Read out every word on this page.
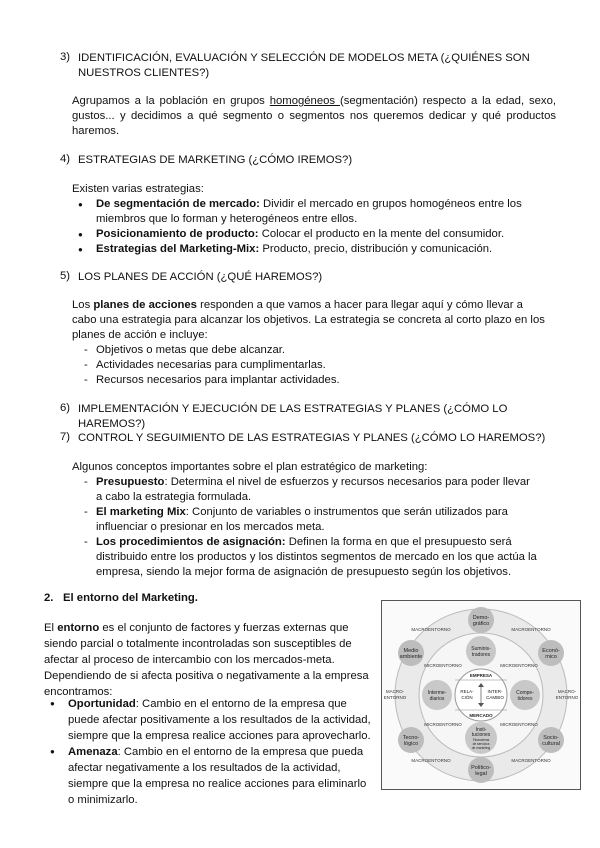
3) IDENTIFICACIÓN, EVALUACIÓN Y SELECCIÓN DE MODELOS META (¿QUIÉNES SON NUESTROS CLIENTES?)
Agrupamos a la población en grupos homogéneos (segmentación) respecto a la edad, sexo, gustos... y decidimos a qué segmento o segmentos nos queremos dedicar y qué productos haremos.
4) ESTRATEGIAS DE MARKETING (¿CÓMO IREMOS?)
Existen varias estrategias:
● De segmentación de mercado: Dividir el mercado en grupos homogéneos entre los miembros que lo forman y heterogéneos entre ellos.
● Posicionamiento de producto: Colocar el producto en la mente del consumidor.
● Estrategias del Marketing-Mix: Producto, precio, distribución y comunicación.
5) LOS PLANES DE ACCIÓN (¿QUÉ HAREMOS?)
Los planes de acciones responden a que vamos a hacer para llegar aquí y cómo llevar a cabo una estrategia para alcanzar los objetivos. La estrategia se concreta al corto plazo en los planes de acción e incluye:
- Objetivos o metas que debe alcanzar.
- Actividades necesarias para cumplimentarlas.
- Recursos necesarios para implantar actividades.
6) IMPLEMENTACIÓN Y EJECUCIÓN DE LAS ESTRATEGIAS Y PLANES (¿CÓMO LO HAREMOS?)
7) CONTROL Y SEGUIMIENTO DE LAS ESTRATEGIAS Y PLANES (¿CÓMO LO HAREMOS?)
Algunos conceptos importantes sobre el plan estratégico de marketing:
- Presupuesto: Determina el nivel de esfuerzos y recursos necesarios para poder llevar a cabo la estrategia formulada.
- El marketing Mix: Conjunto de variables o instrumentos que serán utilizados para influenciar o presionar en los mercados meta.
- Los procedimientos de asignación: Definen la forma en que el presupuesto será distribuido entre los productos y los distintos segmentos de mercado en los que actúa la empresa, siendo la mejor forma de asignación de presupuesto según los objetivos.
2. El entorno del Marketing.
El entorno es el conjunto de factores y fuerzas externas que siendo parcial o totalmente incontroladas son susceptibles de afectar al proceso de intercambio con los mercados-meta. Dependiendo de si afecta positiva o negativamente a la empresa encontramos:
● Oportunidad: Cambio en el entorno de la empresa que puede afectar positivamente a los resultados de la actividad, siempre que la empresa realice acciones para aprovecharlo.
● Amenaza: Cambio en el entorno de la empresa que pueda afectar negativamente a los resultados de la actividad, siempre que la empresa no realice acciones para eliminarlo o minimizarlo.
Demo-
gráfico
Econó-
mico
Socio-
cultural
Político-
legal
Tecno-
lógico
Medio
ambiente
MACROENTORNO	MACROENTORNO
MACROENTORNO	MACROENTORNO
MACRO-
ENTORNO
MACRO-
ENTORNO
MICROENTORNO	MICROENTORNO
MICROENTORNO	MICROENTORNO
Suminis-
tradores
Compe-
tidores
Interme-
diarios
Insti-
tuciones
Financieras
de servicios
de marketing
EMPRESA
RELA-
CIÓN
INTER-
CAMBIO
MERCADO
